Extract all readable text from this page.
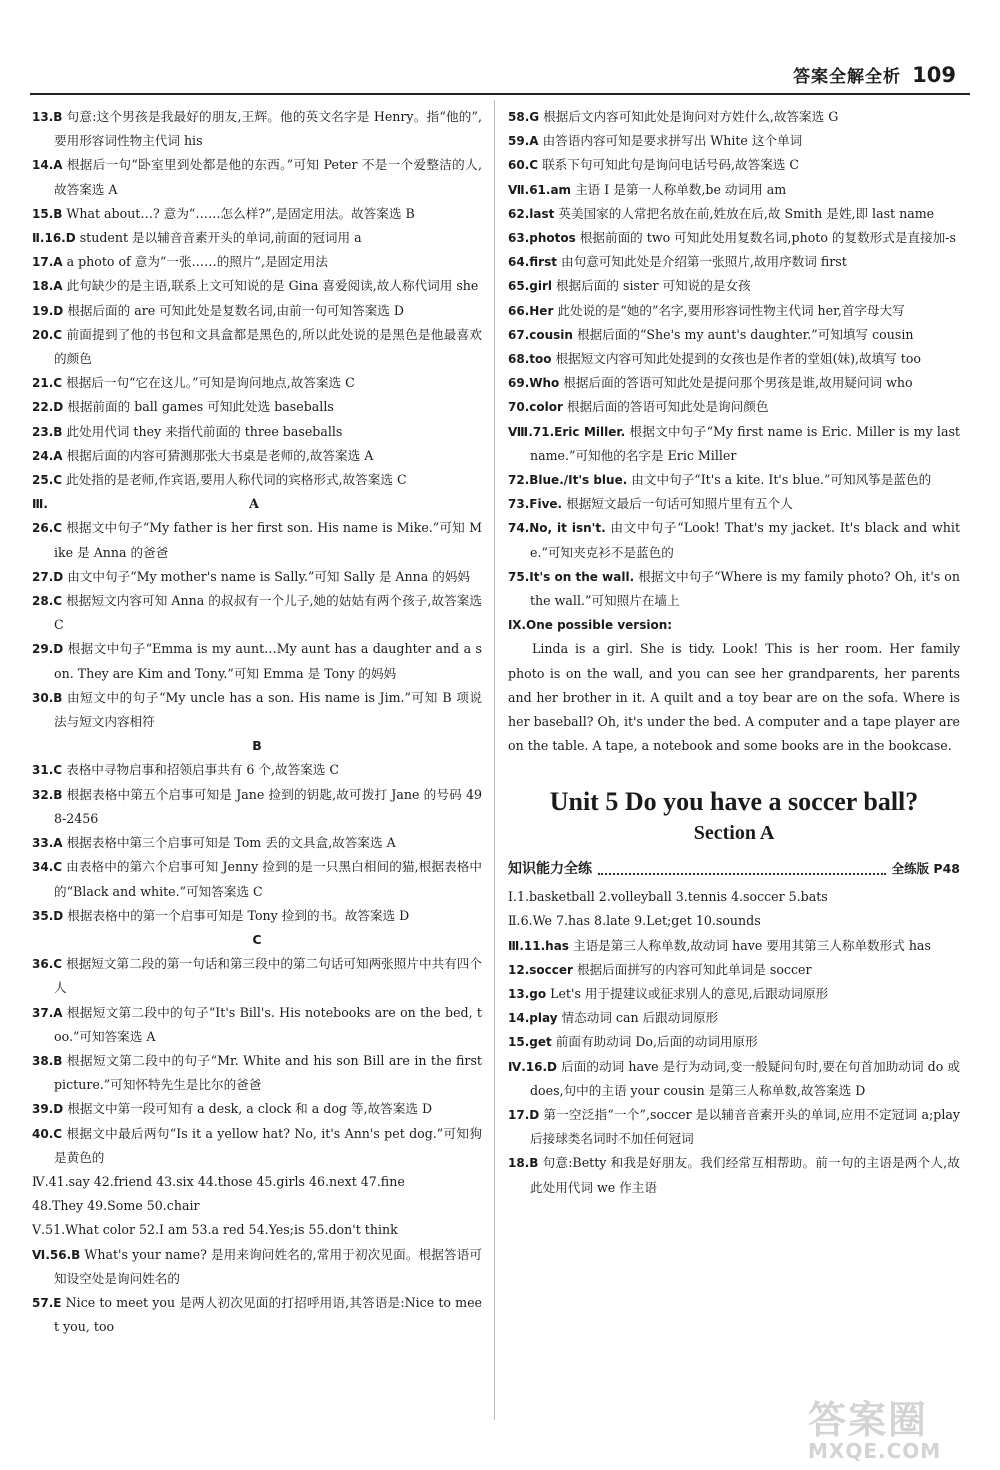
答案全解全析 109

13.B 句意:这个男孩是我最好的朋友,王辉。他的英文名字是 Henry。指“他的”,要用形容词性物主代词 his

14.A 根据后一句“卧室里到处都是他的东西。”可知 Peter 不是一个爱整洁的人,故答案选 A

15.B What about…? 意为“……怎么样?”,是固定用法。故答案选 B

Ⅱ.16.D student 是以辅音音素开头的单词,前面的冠词用 a

17.A a photo of 意为“一张……的照片”,是固定用法

18.A 此句缺少的是主语,联系上文可知说的是 Gina 喜爱阅读,故人称代词用 she

19.D 根据后面的 are 可知此处是复数名词,由前一句可知答案选 D

20.C 前面提到了他的书包和文具盒都是黑色的,所以此处说的是黑色是他最喜欢的颜色

21.C 根据后一句“它在这儿。”可知是询问地点,故答案选 C

22.D 根据前面的 ball games 可知此处选 baseballs

23.B 此处用代词 they 来指代前面的 three baseballs

24.A 根据后面的内容可猜测那张大书桌是老师的,故答案选 A

25.C 此处指的是老师,作宾语,要用人称代词的宾格形式,故答案选 C

Ⅲ.	A

26.C 根据文中句子“My father is her first son. His name is Mike.”可知 Mike 是 Anna 的爸爸

27.D 由文中句子“My mother's name is Sally.”可知 Sally 是 Anna 的妈妈

28.C 根据短文内容可知 Anna 的叔叔有一个儿子,她的姑姑有两个孩子,故答案选 C

29.D 根据文中句子“Emma is my aunt…My aunt has a daughter and a son. They are Kim and Tony.”可知 Emma 是 Tony 的妈妈

30.B 由短文中的句子“My uncle has a son. His name is Jim.”可知 B 项说法与短文内容相符

B

31.C 表格中寻物启事和招领启事共有 6 个,故答案选 C

32.B 根据表格中第五个启事可知是 Jane 捡到的钥匙,故可拨打 Jane 的号码 498-2456

33.A 根据表格中第三个启事可知是 Tom 丢的文具盒,故答案选 A

34.C 由表格中的第六个启事可知 Jenny 捡到的是一只黑白相间的猫,根据表格中的“Black and white.”可知答案选 C

35.D 根据表格中的第一个启事可知是 Tony 捡到的书。故答案选 D

C

36.C 根据短文第二段的第一句话和第三段中的第二句话可知两张照片中共有四个人

37.A 根据短文第二段中的句子“It's Bill's. His notebooks are on the bed, too.”可知答案选 A

38.B 根据短文第二段中的句子“Mr. White and his son Bill are in the first picture.”可知怀特先生是比尔的爸爸

39.D 根据文中第一段可知有 a desk, a clock 和 a dog 等,故答案选 D

40.C 根据文中最后两句“Is it a yellow hat? No, it's Ann's pet dog.”可知狗是黄色的

Ⅳ.41.say 42.friend 43.six 44.those 45.girls 46.next 47.fine

48.They 49.Some 50.chair

Ⅴ.51.What color 52.I am 53.a red 54.Yes;is 55.don't think

Ⅵ.56.B What's your name? 是用来询问姓名的,常用于初次见面。根据答语可知设空处是询问姓名的

57.E Nice to meet you 是两人初次见面的打招呼用语,其答语是:Nice to meet you, too

58.G 根据后文内容可知此处是询问对方姓什么,故答案选 G

59.A 由答语内容可知是要求拼写出 White 这个单词

60.C 联系下句可知此句是询问电话号码,故答案选 C

Ⅶ.61.am 主语 I 是第一人称单数,be 动词用 am

62.last 英美国家的人常把名放在前,姓放在后,故 Smith 是姓,即 last name

63.photos 根据前面的 two 可知此处用复数名词,photo 的复数形式是直接加-s

64.first 由句意可知此处是介绍第一张照片,故用序数词 first

65.girl 根据后面的 sister 可知说的是女孩

66.Her 此处说的是“她的”名字,要用形容词性物主代词 her,首字母大写

67.cousin 根据后面的“She's my aunt's daughter.”可知填写 cousin

68.too 根据短文内容可知此处提到的女孩也是作者的堂姐(妹),故填写 too

69.Who 根据后面的答语可知此处是提问那个男孩是谁,故用疑问词 who

70.color 根据后面的答语可知此处是询问颜色

Ⅷ.71.Eric Miller. 根据文中句子“My first name is Eric. Miller is my last name.”可知他的名字是 Eric Miller

72.Blue./It's blue. 由文中句子“It's a kite. It's blue.”可知风筝是蓝色的

73.Five. 根据短文最后一句话可知照片里有五个人

74.No, it isn't. 由文中句子“Look! That's my jacket. It's black and white.”可知夹克衫不是蓝色的

75.It's on the wall. 根据文中句子“Where is my family photo? Oh, it's on the wall.”可知照片在墙上

Ⅸ.One possible version:

Linda is a girl. She is tidy. Look! This is her room. Her family photo is on the wall, and you can see her grandparents, her parents and her brother in it. A quilt and a toy bear are on the sofa. Where is her baseball? Oh, it's under the bed. A computer and a tape player are on the table. A tape, a notebook and some books are in the bookcase.

Unit 5 Do you have a soccer ball?
Section A
知识能力全练	全练版 P48

Ⅰ.1.basketball 2.volleyball 3.tennis 4.soccer 5.bats

Ⅱ.6.We 7.has 8.late 9.Let;get 10.sounds

Ⅲ.11.has 主语是第三人称单数,故动词 have 要用其第三人称单数形式 has

12.soccer 根据后面拼写的内容可知此单词是 soccer

13.go Let's 用于提建议或征求别人的意见,后跟动词原形

14.play 情态动词 can 后跟动词原形

15.get 前面有助动词 Do,后面的动词用原形

Ⅳ.16.D 后面的动词 have 是行为动词,变一般疑问句时,要在句首加助动词 do 或 does,句中的主语 your cousin 是第三人称单数,故答案选 D

17.D 第一空泛指“一个”,soccer 是以辅音音素开头的单词,应用不定冠词 a;play 后接球类名词时不加任何冠词

18.B 句意:Betty 和我是好朋友。我们经常互相帮助。前一句的主语是两个人,故此处用代词 we 作主语

答案圈
MXQE.COM
